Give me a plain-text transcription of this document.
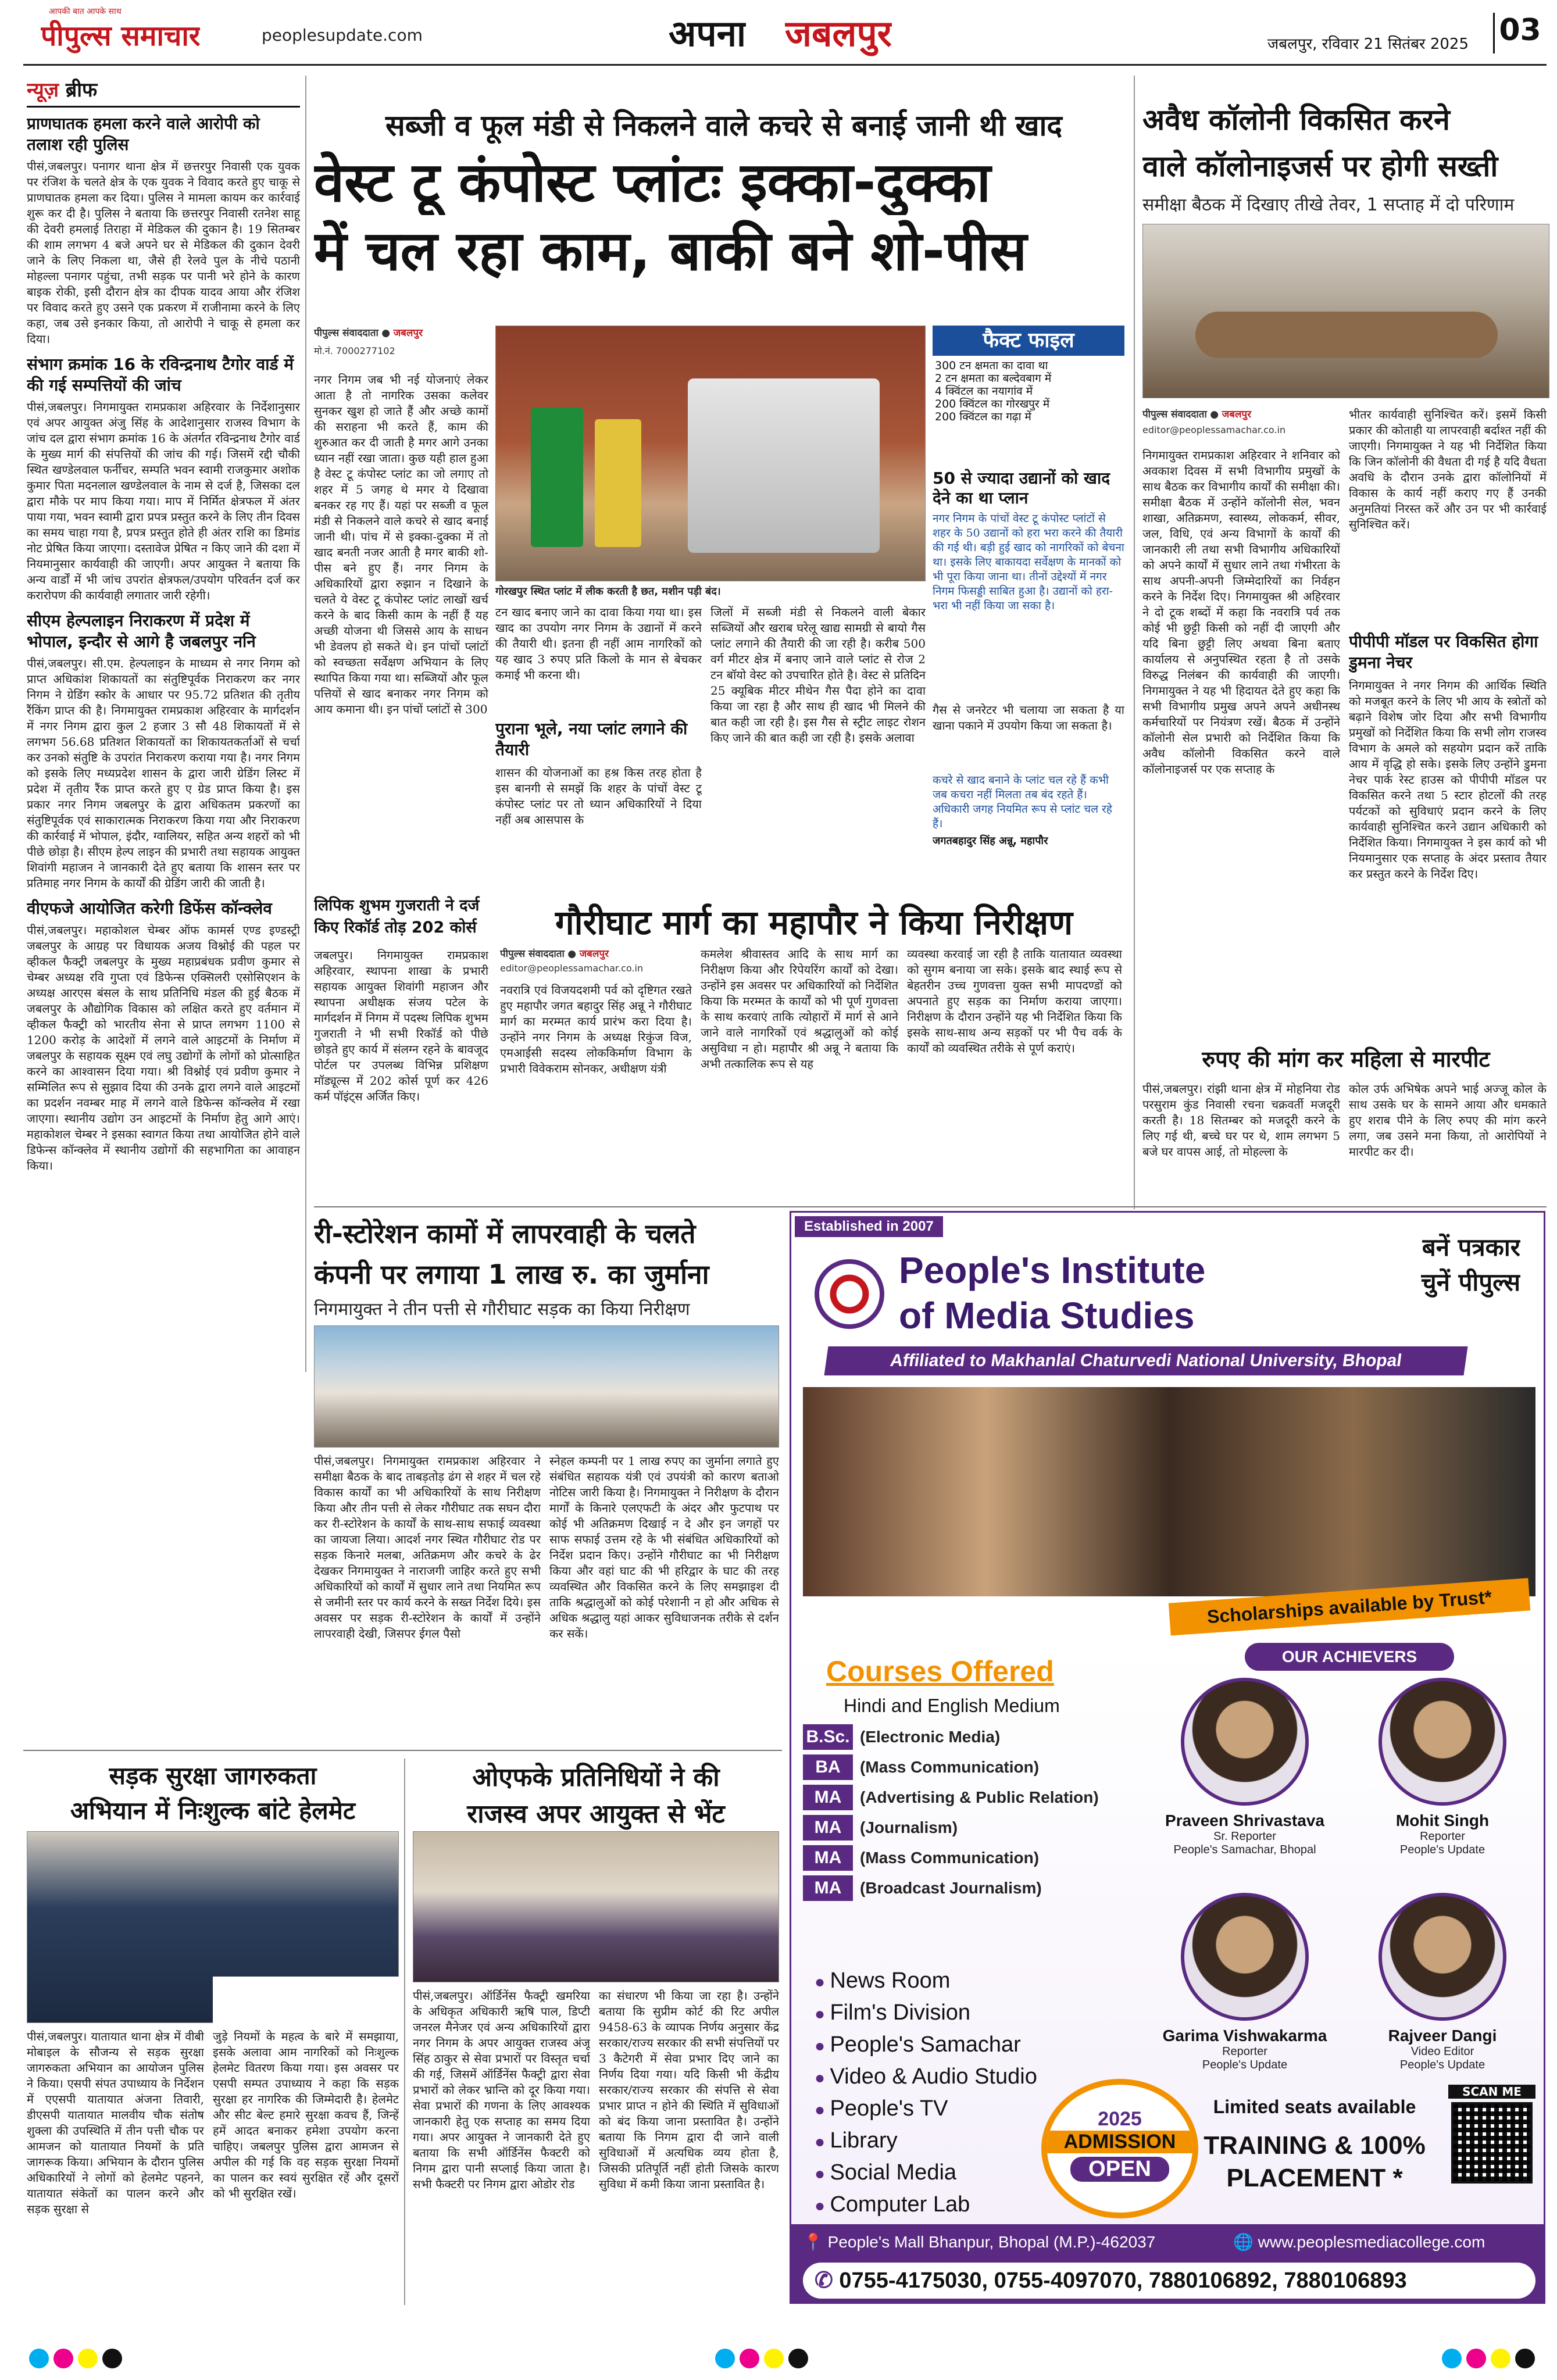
आपकी बात आपके साथ
पीपुल्स समाचार	peoplesupdate.com	अपना जबलपुर	जबलपुर, रविवार 21 सितंबर 2025 03
न्यूज़ ब्रीफ
प्राणघातक हमला करने वाले आरोपी को तलाश रही पुलिस
पीसं,जबलपुर। पनागर थाना क्षेत्र में छत्तरपुर निवासी एक युवक पर रंजिश के चलते क्षेत्र के एक युवक ने विवाद करते हुए चाकू से प्राणघातक हमला कर दिया। पुलिस ने मामला कायम कर कार्रवाई शुरू कर दी है। पुलिस ने बताया कि छत्तरपुर निवासी रतनेश साहू की देवरी हमलाई तिराहा में मेडिकल की दुकान है। 19 सितम्बर की शाम लगभग 4 बजे अपने घर से मेडिकल की दुकान देवरी जाने के लिए निकला था, जैसे ही रेलवे पुल के नीचे पठानी मोहल्ला पनागर पहुंचा, तभी सड़क पर पानी भरे होने के कारण बाइक रोकी, इसी दौरान क्षेत्र का दीपक यादव आया और रंजिश पर विवाद करते हुए उसने एक प्रकरण में राजीनामा करने के लिए कहा, जब उसे इनकार किया, तो आरोपी ने चाकू से हमला कर दिया।
संभाग क्रमांक 16 के रविन्द्रनाथ टैगोर वार्ड में की गई सम्पत्तियों की जांच
पीसं,जबलपुर। निगमायुक्त रामप्रकाश अहिरवार के निर्देशानुसार एवं अपर आयुक्त अंजु सिंह के आदेशानुसार राजस्व विभाग के जांच दल द्वारा संभाग क्रमांक 16 के अंतर्गत रविन्द्रनाथ टैगोर वार्ड के मुख्य मार्ग की संपत्तियों की जांच की गई। जिसमें रद्दी चौकी स्थित खण्डेलवाल फर्नीचर, सम्पति भवन स्वामी राजकुमार अशोक कुमार पिता मदनलाल खण्डेलवाल के नाम से दर्ज है, जिसका दल द्वारा मौके पर माप किया गया। माप में निर्मित क्षेत्रफल में अंतर पाया गया, भवन स्वामी द्वारा प्रपत्र प्रस्तुत करने के लिए तीन दिवस का समय चाहा गया है, प्रपत्र प्रस्तुत होते ही अंतर राशि का डिमांड नोट प्रेषित किया जाएगा। दस्तावेज प्रेषित न किए जाने की दशा में नियमानुसार कार्यवाही की जाएगी। अपर आयुक्त ने बताया कि अन्य वार्डों में भी जांच उपरांत क्षेत्रफल/उपयोग परिवर्तन दर्ज कर करारोपण की कार्यवाही लगातार जारी रहेगी।
सीएम हेल्पलाइन निराकरण में प्रदेश में भोपाल, इन्दौर से आगे है जबलपुर ननि
पीसं,जबलपुर। सी.एम. हेल्पलाइन के माध्यम से नगर निगम को प्राप्त अधिकांश शिकायतों का संतुष्टिपूर्वक निराकरण कर नगर निगम ने ग्रेडिंग स्कोर के आधार पर 95.72 प्रतिशत की तृतीय रैंकिंग प्राप्त की है। निगमायुक्त रामप्रकाश अहिरवार के मार्गदर्शन में नगर निगम द्वारा कुल 2 हजार 3 सौ 48 शिकायतों में से लगभग 56.68 प्रतिशत शिकायतों का शिकायतकर्ताओं से चर्चा कर उनको संतुष्टि के उपरांत निराकरण कराया गया है। नगर निगम को इसके लिए मध्यप्रदेश शासन के द्वारा जारी ग्रेडिंग लिस्ट में प्रदेश में तृतीय रैंक प्राप्त करते हुए ए ग्रेड प्राप्त किया है। इस प्रकार नगर निगम जबलपुर के द्वारा अधिकतम प्रकरणों का संतुष्टिपूर्वक एवं साकारात्मक निराकरण किया गया और निराकरण की कार्रवाई में भोपाल, इंदौर, ग्वालियर, सहित अन्य शहरों को भी पीछे छोड़ा है। सीएम हेल्प लाइन की प्रभारी तथा सहायक आयुक्त शिवांगी महाजन ने जानकारी देते हुए बताया कि शासन स्तर पर प्रतिमाह नगर निगम के कार्यों की ग्रेडिंग जारी की जाती है।
वीएफजे आयोजित करेगी डिफेंस कॉन्क्लेव
पीसं,जबलपुर। महाकोशल चेम्बर ऑफ कामर्स एण्ड इण्डस्ट्री जबलपुर के आग्रह पर विधायक अजय विश्नोई की पहल पर व्हीकल फैक्ट्री जबलपुर के मुख्य महाप्रबंधक प्रवीण कुमार से चेम्बर अध्यक्ष रवि गुप्ता एवं डिफेन्स एक्सिलरी एसोसिएशन के अध्यक्ष आरएस बंसल के साथ प्रतिनिधि मंडल की हुई बैठक में जबलपुर के औद्योगिक विकास को लक्षित करते हुए वर्तमान में व्हीकल फैक्ट्री को भारतीय सेना से प्राप्त लगभग 1100 से 1200 करोड़ के आदेशों में लगने वाले आइटमों के निर्माण में जबलपुर के सहायक सूक्ष्म एवं लघु उद्योगों के लोगों को प्रोत्साहित करने का आश्वासन दिया गया। श्री विश्नोई एवं प्रवीण कुमार ने सम्मिलित रूप से सुझाव दिया की उनके द्वारा लगने वाले आइटमों का प्रदर्शन नवम्बर माह में लगने वाले डिफेन्स कॉन्क्लेव में रखा जाएगा। स्थानीय उद्योग उन आइटमों के निर्माण हेतु आगे आएं। महाकोशल चेम्बर ने इसका स्वागत किया तथा आयोजित होने वाले डिफेन्स कॉन्क्लेव में स्थानीय उद्योगों की सहभागिता का आवाहन किया।
सब्जी व फूल मंडी से निकलने वाले कचरे से बनाई जानी थी खाद
वेस्ट टू कंपोस्ट प्लांटः इक्का-दुक्का
में चल रहा काम, बाकी बने शो-पीस
पीपुल्स संवाददाता ● जबलपुर
मो.नं. 7000277102
नगर निगम जब भी नई योजनाएं लेकर आता है तो नागरिक उसका कलेवर सुनकर खुश हो जाते हैं और अच्छे कामों की सराहना भी करते हैं, काम की शुरुआत कर दी जाती है मगर आगे उनका ध्यान नहीं रखा जाता। कुछ यही हाल हुआ है वेस्ट टू कंपोस्ट प्लांट का जो लगाए तो शहर में 5 जगह थे मगर ये दिखावा बनकर रह गए हैं। यहां पर सब्जी व फूल मंडी से निकलने वाले कचरे से खाद बनाई जानी थी। पांच में से इक्का-दुक्का में तो खाद बनती नजर आती है मगर बाकी शो-पीस बने हुए हैं। नगर निगम के अधिकारियों द्वारा रुझान न दिखाने के चलते ये वेस्ट टू कंपोस्ट प्लांट लाखों खर्च करने के बाद किसी काम के नहीं हैं यह अच्छी योजना थी जिससे आय के साधन भी डेवलप हो सकते थे। इन पांचों प्लांटों को स्वच्छता सर्वेक्षण अभियान के लिए स्थापित किया गया था। सब्जियों और फूल पत्तियों से खाद बनाकर नगर निगम को आय कमाना थी। इन पांचों प्लांटों से 300
गोरखपुर स्थित प्लांट में लीक करती है छत, मशीन पड़ी बंद।
फैक्ट फाइल
300 टन क्षमता का दावा था
2 टन क्षमता का बल्देवबाग में
4 क्विंटल का नयागांव में
200 क्विंटल का गोरखपुर में
200 क्विंटल का गढ़ा में
टन खाद बनाए जाने का दावा किया गया था। इस खाद का उपयोग नगर निगम के उद्यानों में करने की तैयारी थी। इतना ही नहीं आम नागरिकों को यह खाद 3 रुपए प्रति किलो के मान से बेचकर कमाई भी करना थी।
पुराना भूले, नया प्लांट लगाने की तैयारी
शासन की योजनाओं का हश्र किस तरह होता है इस बानगी से समझें कि शहर के पांचों वेस्ट टू कंपोस्ट प्लांट पर तो ध्यान अधिकारियों ने दिया नहीं अब आसपास के
जिलों में सब्जी मंडी से निकलने वाली बेकार सब्जियों और खराब घरेलू खाद्य सामग्री से बायो गैस प्लांट लगाने की तैयारी की जा रही है। करीब 500 वर्ग मीटर क्षेत्र में बनाए जाने वाले प्लांट से रोज 2 टन बॉयो वेस्ट को उपचारित होते है। वेस्ट से प्रतिदिन 25 क्यूबिक मीटर मीथेन गैस पैदा होने का दावा किया जा रहा है और साथ ही खाद भी मिलने की बात कही जा रही है। इस गैस से स्ट्रीट लाइट रोशन किए जाने की बात कही जा रही है। इसके अलावा
50 से ज्यादा उद्यानों को खाद देने का था प्लान
नगर निगम के पांचों वेस्ट टू कंपोस्ट प्लांटों से शहर के 50 उद्यानों को हरा भरा करने की तैयारी की गई थी। बड़ी हुई खाद को नागरिकों को बेचना था। इसके लिए बाकायदा सर्वेक्षण के मानकों को भी पूरा किया जाना था। तीनों उद्देश्यों में नगर निगम फिसड्डी साबित हुआ है। उद्यानों को हरा-भरा भी नहीं किया जा सका है।
गैस से जनरेटर भी चलाया जा सकता है या खाना पकाने में उपयोग किया जा सकता है।
कचरे से खाद बनाने के प्लांट चल रहे हैं कभी जब कचरा नहीं मिलता तब बंद रहते हैं। अधिकारी जगह नियमित रूप से प्लांट चल रहे हैं।
जगतबहादुर सिंह अन्नू, महापौर
अवैध कॉलोनी विकसित करने
वाले कॉलोनाइजर्स पर होगी सख्ती
समीक्षा बैठक में दिखाए तीखे तेवर, 1 सप्ताह में दो परिणाम
पीपुल्स संवाददाता ● जबलपुर
editor@peoplessamachar.co.in
निगमायुक्त रामप्रकाश अहिरवार ने शनिवार को अवकाश दिवस में सभी विभागीय प्रमुखों के साथ बैठक कर विभागीय कार्यों की समीक्षा की। समीक्षा बैठक में उन्होंने कॉलोनी सेल, भवन शाखा, अतिक्रमण, स्वास्थ्य, लोककर्म, सीवर, जल, विधि, एवं अन्य विभागों के कार्यों की जानकारी ली तथा सभी विभागीय अधिकारियों को अपने कार्यों में सुधार लाने तथा गंभीरता के साथ अपनी-अपनी जिम्मेदारियों का निर्वहन करने के निर्देश दिए। निगमायुक्त श्री अहिरवार ने दो टूक शब्दों में कहा कि नवरात्रि पर्व तक कोई भी छुट्टी किसी को नहीं दी जाएगी और यदि बिना छुट्टी लिए अथवा बिना बताए कार्यालय से अनुपस्थित रहता है तो उसके विरुद्ध निलंबन की कार्यवाही की जाएगी। निगमायुक्त ने यह भी हिदायत देते हुए कहा कि सभी विभागीय प्रमुख अपने अपने अधीनस्थ कर्मचारियों पर नियंत्रण रखें। बैठक में उन्होंने कॉलोनी सेल प्रभारी को निर्देशित किया कि अवैध कॉलोनी विकसित करने वाले कॉलोनाइजर्स पर एक सप्ताह के
भीतर कार्यवाही सुनिश्चित करें। इसमें किसी प्रकार की कोताही या लापरवाही बर्दाश्त नहीं की जाएगी। निगमायुक्त ने यह भी निर्देशित किया कि जिन कॉलोनी की वैधता दी गई है यदि वैधता अवधि के दौरान उनके द्वारा कॉलोनियों में विकास के कार्य नहीं कराए गए हैं उनकी अनुमतियां निरस्त करें और उन पर भी कार्रवाई सुनिश्चित करें।
पीपीपी मॉडल पर विकसित होगा डुमना नेचर
निगमायुक्त ने नगर निगम की आर्थिक स्थिति को मजबूत करने के लिए भी आय के स्त्रोतों को बढ़ाने विशेष जोर दिया और सभी विभागीय प्रमुखों को निर्देशित किया कि सभी लोग राजस्व विभाग के अमले को सहयोग प्रदान करें ताकि आय में वृद्धि हो सके। इसके लिए उन्होंने डुमना नेचर पार्क रेस्ट हाउस को पीपीपी मॉडल पर विकसित करने तथा 5 स्टार होटलों की तरह पर्यटकों को सुविधाएं प्रदान करने के लिए कार्यवाही सुनिश्चित करने उद्यान अधिकारी को निर्देशित किया। निगमायुक्त ने इस कार्य को भी नियमानुसार एक सप्ताह के अंदर प्रस्ताव तैयार कर प्रस्तुत करने के निर्देश दिए।
लिपिक शुभम गुजराती ने दर्ज
किए रिकॉर्ड तोड़ 202 कोर्स
जबलपुर। निगमायुक्त रामप्रकाश अहिरवार, स्थापना शाखा के प्रभारी सहायक आयुक्त शिवांगी महाजन और स्थापना अधीक्षक संजय पटेल के मार्गदर्शन में निगम में पदस्थ लिपिक शुभम गुजराती ने भी सभी रिकॉर्ड को पीछे छोड़ते हुए कार्य में संलग्न रहने के बावजूद पोर्टल पर उपलब्ध विभिन्न प्रशिक्षण मॉड्यूल्स में 202 कोर्स पूर्ण कर 426 कर्म पॉइंट्स अर्जित किए।
गौरीघाट मार्ग का महापौर ने किया निरीक्षण
पीपुल्स संवाददाता ● जबलपुर
editor@peoplessamachar.co.in
नवरात्रि एवं विजयदशमी पर्व को दृष्टिगत रखते हुए महापौर जगत बहादुर सिंह अन्नू ने गौरीघाट मार्ग का मरम्मत कार्य प्रारंभ करा दिया है। उन्होंने नगर निगम के अध्यक्ष रिकुंज विज, एमआईसी सदस्य लोककिर्माण विभाग के प्रभारी विवेकराम सोनकर, अधीक्षण यंत्री
कमलेश श्रीवास्तव आदि के साथ मार्ग का निरीक्षण किया और रिपेयरिंग कार्यों को देखा। उन्होंने इस अवसर पर अधिकारियों को निर्देशित किया कि मरम्मत के कार्यों को भी पूर्ण गुणवत्ता के साथ करवाएं ताकि त्योहारों में मार्ग से आने जाने वाले नागरिकों एवं श्रद्धालुओं को कोई असुविधा न हो। महापौर श्री अन्नू ने बताया कि अभी तत्कालिक रूप से यह
व्यवस्था करवाई जा रही है ताकि यातायात व्यवस्था को सुगम बनाया जा सके। इसके बाद स्थाई रूप से बेहतरीन उच्च गुणवत्ता युक्त सभी मापदण्डों को अपनाते हुए सड़क का निर्माण कराया जाएगा। निरीक्षण के दौरान उन्होंने यह भी निर्देशित किया कि इसके साथ-साथ अन्य सड़कों पर भी पैच वर्क के कार्यों को व्यवस्थित तरीके से पूर्ण कराएं।	रुपए की मांग कर महिला से मारपीट
पीसं,जबलपुर। रांझी थाना क्षेत्र में मोहनिया रोड परसुराम कुंड निवासी रचना चक्रवर्ती मजदूरी करती है। 18 सितम्बर को मजदूरी करने के लिए गई थी, बच्चे घर पर थे, शाम लगभग 5 बजे घर वापस आई, तो मोहल्ला के
कोल उर्फ अभिषेक अपने भाई अज्जू कोल के साथ उसके घर के सामने आया और धमकाते हुए शराब पीने के लिए रुपए की मांग करने लगा, जब उसने मना किया, तो आरोपियों ने मारपीट कर दी।
री-स्टोरेशन कामों में लापरवाही के चलते
कंपनी पर लगाया 1 लाख रु. का जुर्माना
निगमायुक्त ने तीन पत्ती से गौरीघाट सड़क का किया निरीक्षण
पीसं,जबलपुर। निगमायुक्त रामप्रकाश अहिरवार ने समीक्षा बैठक के बाद ताबड़तोड़ ढंग से शहर में चल रहे विकास कार्यों का भी अधिकारियों के साथ निरीक्षण किया और तीन पत्ती से लेकर गौरीघाट तक सघन दौरा कर री-स्टोरेशन के कार्यों के साथ-साथ सफाई व्यवस्था का जायजा लिया। आदर्श नगर स्थित गौरीघाट रोड पर सड़क किनारे मलबा, अतिक्रमण और कचरे के ढेर देखकर निगमायुक्त ने नाराजगी जाहिर करते हुए सभी अधिकारियों को कार्यों में सुधार लाने तथा नियमित रूप से जमीनी स्तर पर कार्य करने के सख्त निर्देश दिये। इस अवसर पर सड़क री-स्टोरेशन के कार्यों में उन्होंने लापरवाही देखी, जिसपर ईगल पैसो
स्नेहल कम्पनी पर 1 लाख रुपए का जुर्माना लगाते हुए संबंधित सहायक यंत्री एवं उपयंत्री को कारण बताओ नोटिस जारी किया है। निगमायुक्त ने निरीक्षण के दौरान मार्गों के किनारे एलएफटी के अंदर और फुटपाथ पर कोई भी अतिक्रमण दिखाई न दे और इन जगहों पर साफ सफाई उत्तम रहे के भी संबंधित अधिकारियों को निर्देश प्रदान किए। उन्होंने गौरीघाट का भी निरीक्षण किया और वहां घाट की भी हरिद्वार के घाट की तरह व्यवस्थित और विकसित करने के लिए समझाइश दी ताकि श्रद्धालुओं को कोई परेशानी न हो और अधिक से अधिक श्रद्धालु यहां आकर सुविधाजनक तरीके से दर्शन कर सकें।
सड़क सुरक्षा जागरुकता
अभियान में निःशुल्क बांटे हेलमेट
पीसं,जबलपुर। यातायात थाना क्षेत्र में वीबी मोबाइल के सौजन्य से सड़क सुरक्षा जागरुकता अभियान का आयोजन पुलिस ने किया। एसपी संपत उपाध्याय के निर्देशन में एएसपी यातायात अंजना तिवारी, डीएसपी यातायात मालवीय चौक संतोष शुक्ला की उपस्थिति में तीन पत्ती चौक पर आमजन को यातायात नियमों के प्रति जागरूक किया। अभियान के दौरान पुलिस अधिकारियों ने लोगों को हेलमेट पहनने, यातायात संकेतों का पालन करने और सड़क सुरक्षा से
जुड़े नियमों के महत्व के बारे में समझाया, इसके अलावा आम नागरिकों को निःशुल्क हेलमेट वितरण किया गया। इस अवसर पर एसपी सम्पत उपाध्याय ने कहा कि सड़क सुरक्षा हर नागरिक की जिम्मेदारी है। हेलमेट और सीट बेल्ट हमारे सुरक्षा कवच हैं, जिन्हें हमें आदत बनाकर हमेशा उपयोग करना चाहिए। जबलपुर पुलिस द्वारा आमजन से अपील की गई कि वह सड़क सुरक्षा नियमों का पालन कर स्वयं सुरक्षित रहें और दूसरों को भी सुरक्षित रखें।
ओएफके प्रतिनिधियों ने की
राजस्व अपर आयुक्त से भेंट
पीसं,जबलपुर। ऑर्डिनेंस फैक्ट्री खमरिया के अधिकृत अधिकारी ऋषि पाल, डिप्टी जनरल मैनेजर एवं अन्य अधिकारियों द्वारा नगर निगम के अपर आयुक्त राजस्व अंजू सिंह ठाकुर से सेवा प्रभारों पर विस्तृत चर्चा की गई, जिसमें ऑर्डिनेंस फैक्ट्री द्वारा सेवा प्रभारों को लेकर भ्रान्ति को दूर किया गया। सेवा प्रभारों की गणना के लिए आवश्यक जानकारी हेतु एक सप्ताह का समय दिया गया। अपर आयुक्त ने जानकारी देते हुए बताया कि सभी ऑर्डिनेंस फैक्टरी को निगम द्वारा पानी सप्लाई किया जाता है। सभी फैक्टरी पर निगम द्वारा ओडोर रोड
का संधारण भी किया जा रहा है। उन्होंने बताया कि सुप्रीम कोर्ट की रिट अपील 9458-63 के व्यापक निर्णय अनुसार केंद्र सरकार/राज्य सरकार की सभी संपत्तियों पर 3 कैटेगरी में सेवा प्रभार दिए जाने का निर्णय दिया गया। यदि किसी भी केंद्रीय सरकार/राज्य सरकार की संपत्ति से सेवा प्रभार प्राप्त न होने की स्थिति में सुविधाओं को बंद किया जाना प्रस्तावित है। उन्होंने बताया कि निगम द्वारा दी जाने वाली सुविधाओं में अत्यधिक व्यय होता है, जिसकी प्रतिपूर्ति नहीं होती जिसके कारण सुविधा में कमी किया जाना प्रस्तावित है।
Established in 2007
बनें पत्रकार
चुनें पीपुल्स
People's Institute
of Media Studies
Affiliated to Makhanlal Chaturvedi National University, Bhopal
Scholarships available by Trust*
OUR ACHIEVERS
Courses Offered
Hindi and English Medium
B.Sc. (Electronic Media)
BA	(Mass Communication)
MA	(Advertising & Public Relation)
MA	(Journalism)
MA	(Mass Communication)
MA	(Broadcast Journalism)
● News Room
● Film's Division
● People's Samachar
● Video & Audio Studio
● People's TV
● Library
● Social Media
● Computer Lab
Praveen Shrivastava
Sr. Reporter
People's Samachar, Bhopal
Mohit Singh
Reporter
People's Update
Garima Vishwakarma
Reporter
People's Update
Rajveer Dangi
Video Editor
People's Update
2025
ADMISSION
OPEN
Limited seats available
TRAINING & 100%
PLACEMENT *
SCAN ME
📍 People's Mall Bhanpur, Bhopal (M.P.)-462037	🌐 www.peoplesmediacollege.com
✆ 0755-4175030, 0755-4097070, 7880106892, 7880106893
